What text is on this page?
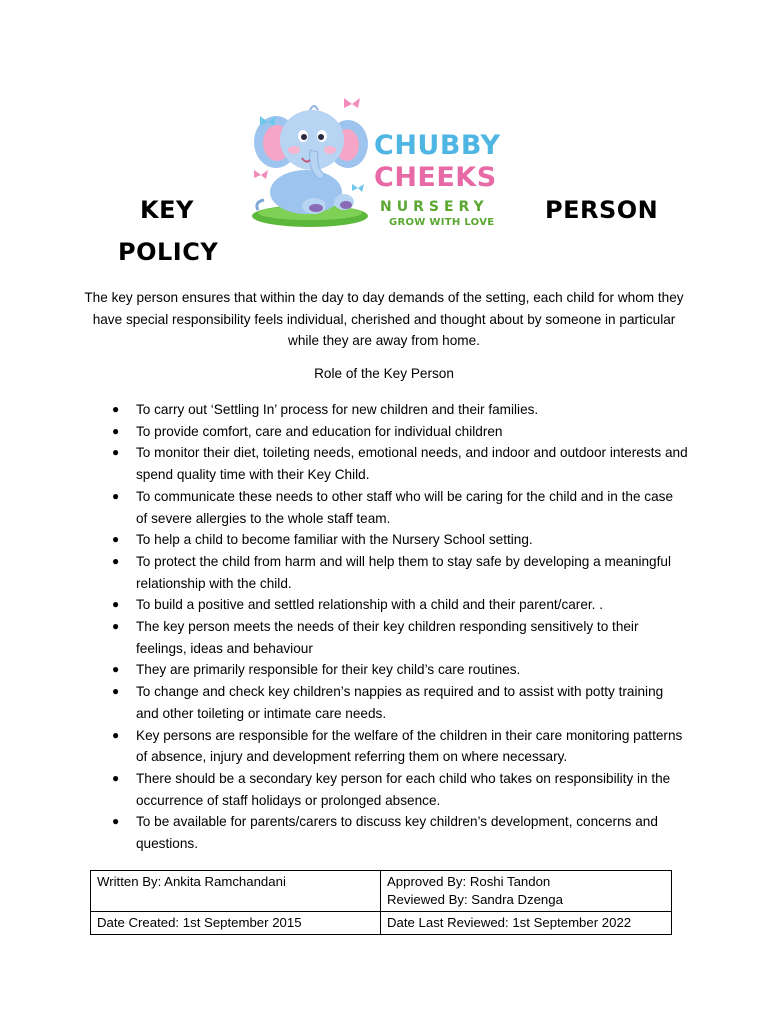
KEY	PERSON
POLICY
CHUBBY
CHEEKS
NURSERY
GROW WITH LOVE
The key person ensures that within the day to day demands of the setting, each child for whom they have special responsibility feels individual, cherished and thought about by someone in particular while they are away from home.
Role of the Key Person
● To carry out ‘Settling In’ process for new children and their families.
● To provide comfort, care and education for individual children
● To monitor their diet, toileting needs, emotional needs, and indoor and outdoor interests and spend quality time with their Key Child.
● To communicate these needs to other staff who will be caring for the child and in the case of severe allergies to the whole staff team.
● To help a child to become familiar with the Nursery School setting.
● To protect the child from harm and will help them to stay safe by developing a meaningful relationship with the child.
● To build a positive and settled relationship with a child and their parent/carer. .
● The key person meets the needs of their key children responding sensitively to their feelings, ideas and behaviour
● They are primarily responsible for their key child’s care routines.
● To change and check key children’s nappies as required and to assist with potty training and other toileting or intimate care needs.
● Key persons are responsible for the welfare of the children in their care monitoring patterns of absence, injury and development referring them on where necessary.
● There should be a secondary key person for each child who takes on responsibility in the occurrence of staff holidays or prolonged absence.
● To be available for parents/carers to discuss key children’s development, concerns and questions.
Written By: Ankita Ramchandani	Approved By: Roshi Tandon
Reviewed By: Sandra Dzenga

Date Created: 1st September 2015	Date Last Reviewed: 1st September 2022
